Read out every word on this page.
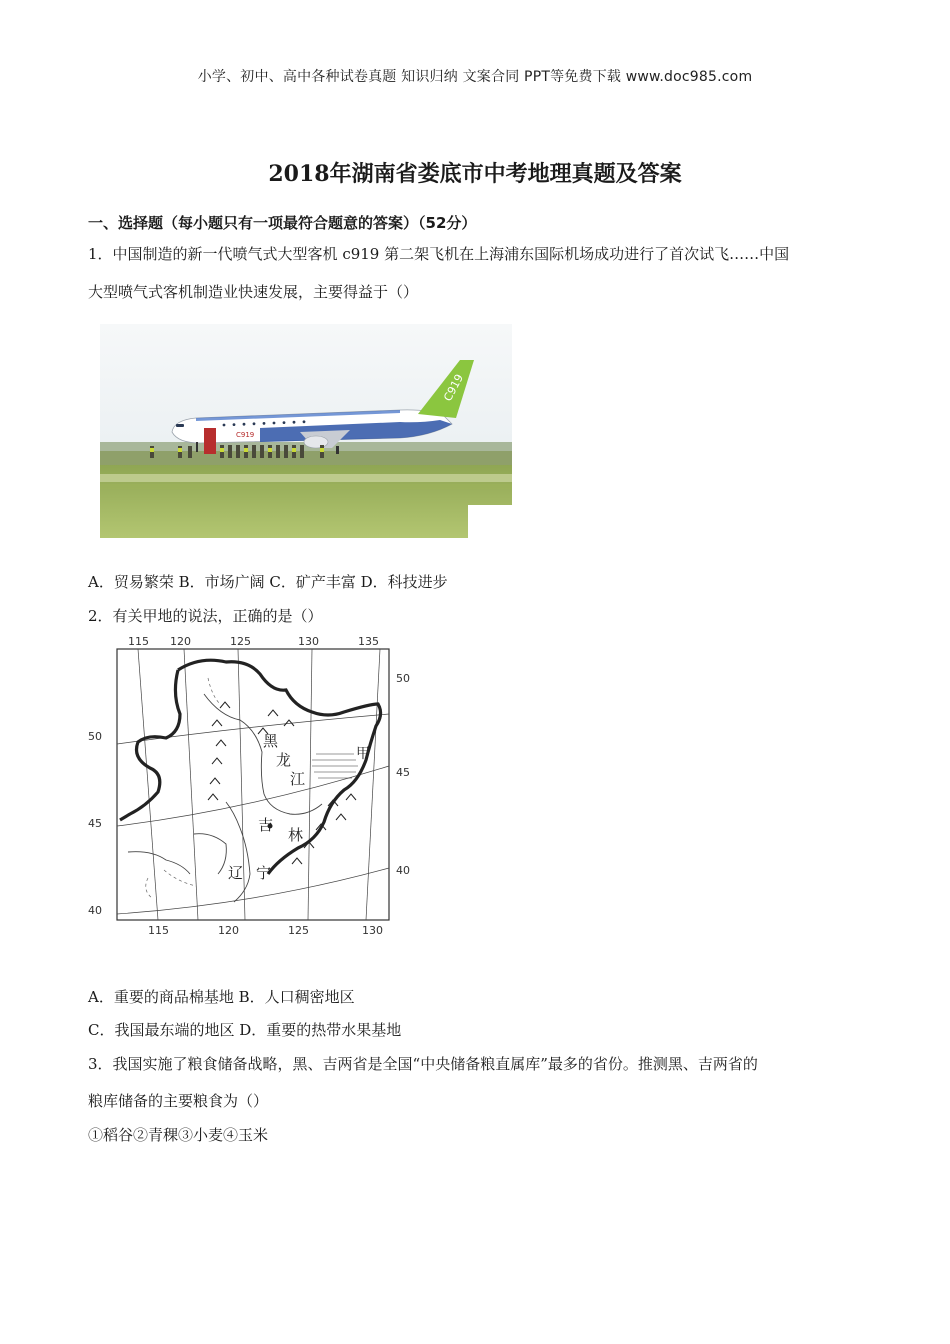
小学、初中、高中各种试卷真题 知识归纳 文案合同 PPT等免费下载 www.doc985.com
2018年湖南省娄底市中考地理真题及答案
一、选择题（每小题只有一项最符合题意的答案）（52分）
1．中国制造的新一代喷气式大型客机 c919 第二架飞机在上海浦东国际机场成功进行了首次试飞……中国
大型喷气式客机制造业快速发展，主要得益于（）
C919
C919
A．贸易繁荣 B．市场广阔 C．矿产丰富 D．科技进步
2．有关甲地的说法，正确的是（）
115 120	125	130	135
115	120	125	130
50
45
40
黑
龙
江
吉
林
辽 宁
甲
50
45
40
A．重要的商品棉基地 B．人口稠密地区
C．我国最东端的地区 D．重要的热带水果基地
3．我国实施了粮食储备战略，黑、吉两省是全国“中央储备粮直属库”最多的省份。推测黑、吉两省的
粮库储备的主要粮食为（）
①稻谷②青稞③小麦④玉米
